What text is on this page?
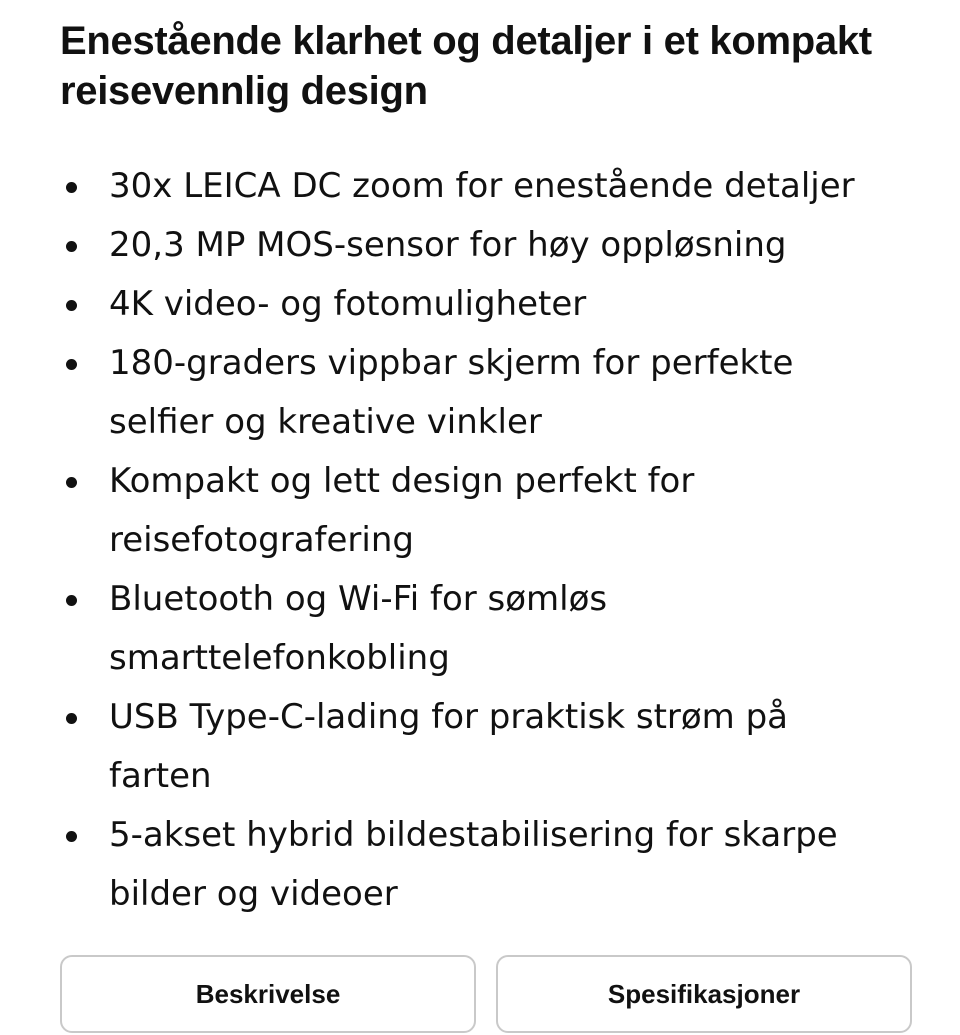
Enestående klarhet og detaljer i et kompakt reisevennlig design
30x LEICA DC zoom for enestående detaljer
20,3 MP MOS-sensor for høy oppløsning
4K video- og fotomuligheter
180-graders vippbar skjerm for perfekte selfier og kreative vinkler
Kompakt og lett design perfekt for reisefotografering
Bluetooth og Wi-Fi for sømløs smarttelefonkobling
USB Type-C-lading for praktisk strøm på farten
5-akset hybrid bildestabilisering for skarpe bilder og videoer
Beskrivelse	Spesifikasjoner
